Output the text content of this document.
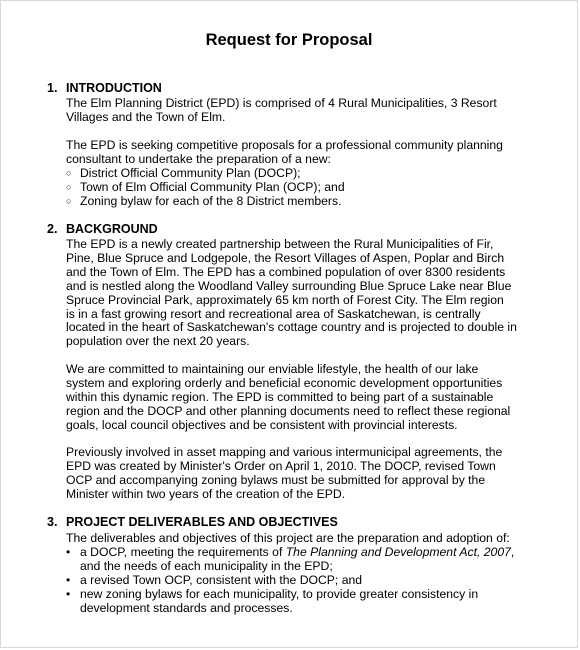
Request for Proposal
1. INTRODUCTION
The Elm Planning District (EPD) is comprised of 4 Rural Municipalities, 3 Resort
Villages and the Town of Elm.
The EPD is seeking competitive proposals for a professional community planning
consultant to undertake the preparation of a new:
○ District Official Community Plan (DOCP);
○ Town of Elm Official Community Plan (OCP); and
○ Zoning bylaw for each of the 8 District members.
2. BACKGROUND
The EPD is a newly created partnership between the Rural Municipalities of Fir,
Pine, Blue Spruce and Lodgepole, the Resort Villages of Aspen, Poplar and Birch
and the Town of Elm. The EPD has a combined population of over 8300 residents
and is nestled along the Woodland Valley surrounding Blue Spruce Lake near Blue
Spruce Provincial Park, approximately 65 km north of Forest City. The Elm region
is in a fast growing resort and recreational area of Saskatchewan, is centrally
located in the heart of Saskatchewan's cottage country and is projected to double in
population over the next 20 years.
We are committed to maintaining our enviable lifestyle, the health of our lake
system and exploring orderly and beneficial economic development opportunities
within this dynamic region. The EPD is committed to being part of a sustainable
region and the DOCP and other planning documents need to reflect these regional
goals, local council objectives and be consistent with provincial interests.
Previously involved in asset mapping and various intermunicipal agreements, the
EPD was created by Minister's Order on April 1, 2010. The DOCP, revised Town
OCP and accompanying zoning bylaws must be submitted for approval by the
Minister within two years of the creation of the EPD.
3. PROJECT DELIVERABLES AND OBJECTIVES
The deliverables and objectives of this project are the preparation and adoption of:
• a DOCP, meeting the requirements of The Planning and Development Act, 2007,
and the needs of each municipality in the EPD;
• a revised Town OCP, consistent with the DOCP; and
• new zoning bylaws for each municipality, to provide greater consistency in
development standards and processes.
